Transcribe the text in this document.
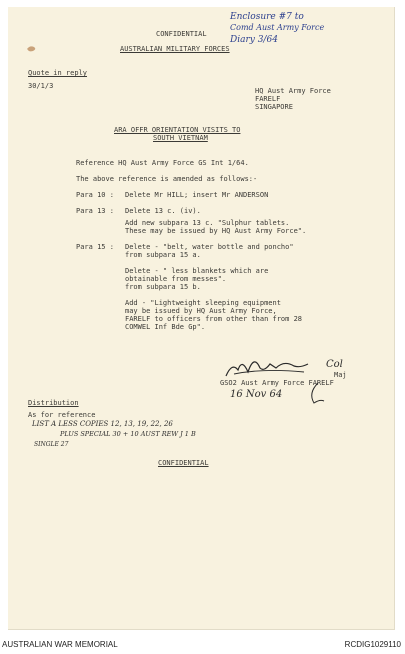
CONFIDENTIAL
AUSTRALIAN MILITARY FORCES
Quote in reply
30/1/3
HQ Aust Army Force
FARELF
SINGAPORE
ARA OFFR ORIENTATION VISITS TO
SOUTH VIETNAM
Reference HQ Aust Army Force GS Int 1/64.
The above reference is amended as follows:-
Para 10 : Delete Mr HILL; insert Mr ANDERSON
Para 13 : Delete 13 c. (iv).
Add new subpara 13 c. "Sulphur tablets.
These may be issued by HQ Aust Army Force".
Para 15 : Delete - "belt, water bottle and poncho"
from subpara 15 a.
Delete - " less blankets which are
obtainable from messes".
from subpara 15 b.
Add - "Lightweight sleeping equipment
may be issued by HQ Aust Army Force,
FARELF to officers from other than from 28
COMWEL Inf Bde Gp".
Col
Maj
GSO2 Aust Army Force FARELF
16 Nov 64
Distribution
As for reference
LIST A LESS COPIES 12, 13, 19, 22, 26
PLUS SPECIAL 30 + 10 AUST REW J 1 B
SINGLE 27
CONFIDENTIAL
Enclosure #7 to
Comd Aust Army Force
Diary 3/64
AUSTRALIAN WAR MEMORIAL	RCDIG1029110
